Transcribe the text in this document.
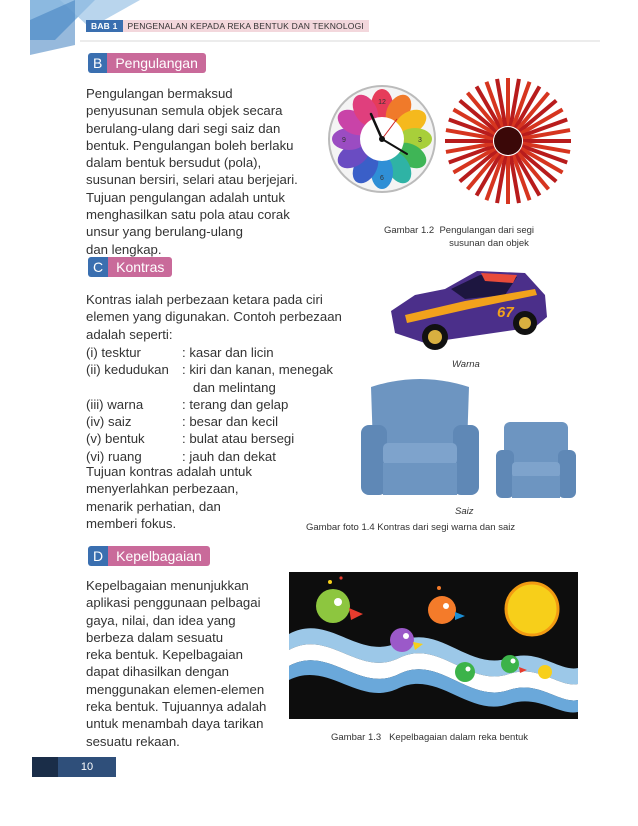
BAB 1	PENGENALAN KEPADA REKA BENTUK DAN TEKNOLOGI
B Pengulangan

Pengulangan bermaksud

penyusunan semula objek secara

berulang-ulang dari segi saiz dan

bentuk. Pengulangan boleh berlaku

dalam bentuk bersudut (pola),

susunan bersiri, selari atau berjejari.

Tujuan pengulangan adalah untuk

menghasilkan satu pola atau corak

unsur yang berulang-ulang

dan lengkap.

12
3
6
9
Gambar 1.2 Pengulangan dari segi
susunan dan objek
C Kontras

Kontras ialah perbezaan ketara pada ciri

elemen yang digunakan. Contoh perbezaan

adalah seperti:

(i) tesktur	: kasar dan licin
(ii) kedudukan : kiri dan kanan, menegak
dan melintang
(iii) warna	: terang dan gelap
(iv) saiz	: besar dan kecil
(v) bentuk	: bulat atau bersegi
(vi) ruang	: jauh dan dekat

Tujuan kontras adalah untuk

menyerlahkan perbezaan,

menarik perhatian, dan

memberi fokus.

67
Warna
Saiz
Gambar foto 1.4 Kontras dari segi warna dan saiz
D Kepelbagaian

Kepelbagaian menunjukkan

aplikasi penggunaan pelbagai

gaya, nilai, dan idea yang

berbeza dalam sesuatu

reka bentuk. Kepelbagaian

dapat dihasilkan dengan

menggunakan elemen-elemen

reka bentuk. Tujuannya adalah

untuk menambah daya tarikan

sesuatu rekaan.	Gambar 1.3 Kepelbagaian dalam reka bentuk
10
